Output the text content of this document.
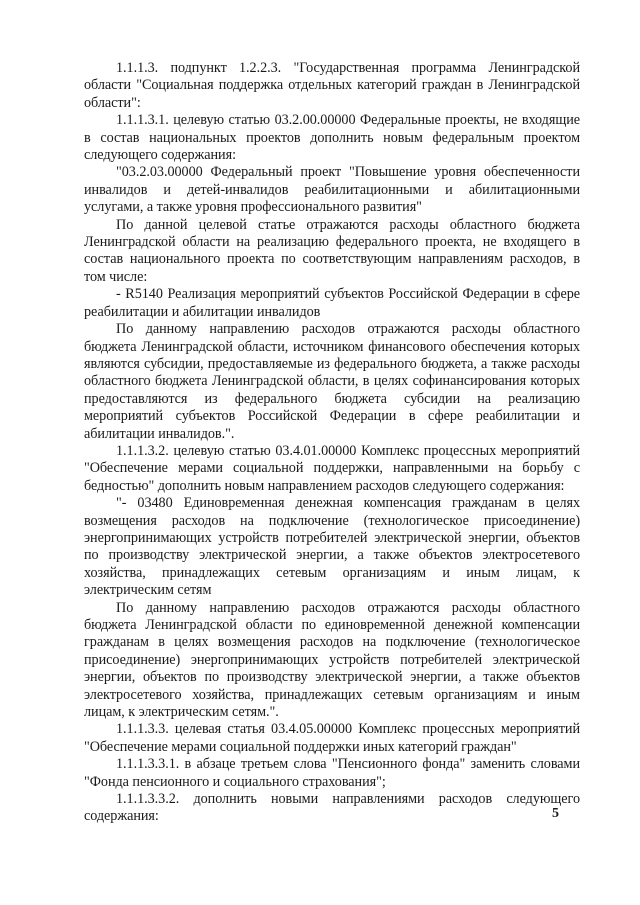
1.1.1.3. подпункт 1.2.2.3. "Государственная программа Ленинградской области "Социальная поддержка отдельных категорий граждан в Ленинградской области":

1.1.1.3.1. целевую статью 03.2.00.00000 Федеральные проекты, не входящие в состав национальных проектов дополнить новым федеральным проектом следующего содержания:

"03.2.03.00000 Федеральный проект "Повышение уровня обеспеченности инвалидов и детей-инвалидов реабилитационными и абилитационными услугами, а также уровня профессионального развития"

По данной целевой статье отражаются расходы областного бюджета Ленинградской области на реализацию федерального проекта, не входящего в состав национального проекта по соответствующим направлениям расходов, в том числе:

- R5140 Реализация мероприятий субъектов Российской Федерации в сфере реабилитации и абилитации инвалидов

По данному направлению расходов отражаются расходы областного бюджета Ленинградской области, источником финансового обеспечения которых являются субсидии, предоставляемые из федерального бюджета, а также расходы областного бюджета Ленинградской области, в целях софинансирования которых предоставляются из федерального бюджета субсидии на реализацию мероприятий субъектов Российской Федерации в сфере реабилитации и абилитации инвалидов.".

1.1.1.3.2. целевую статью 03.4.01.00000 Комплекс процессных мероприятий "Обеспечение мерами социальной поддержки, направленными на борьбу с бедностью" дополнить новым направлением расходов следующего содержания:

"- 03480 Единовременная денежная компенсация гражданам в целях возмещения расходов на подключение (технологическое присоединение) энергопринимающих устройств потребителей электрической энергии, объектов по производству электрической энергии, а также объектов электросетевого хозяйства, принадлежащих сетевым организациям и иным лицам, к электрическим сетям

По данному направлению расходов отражаются расходы областного бюджета Ленинградской области по единовременной денежной компенсации гражданам в целях возмещения расходов на подключение (технологическое присоединение) энергопринимающих устройств потребителей электрической энергии, объектов по производству электрической энергии, а также объектов электросетевого хозяйства, принадлежащих сетевым организациям и иным лицам, к электрическим сетям.".

1.1.1.3.3. целевая статья 03.4.05.00000 Комплекс процессных мероприятий "Обеспечение мерами социальной поддержки иных категорий граждан"

1.1.1.3.3.1. в абзаце третьем слова "Пенсионного фонда" заменить словами "Фонда пенсионного и социального страхования";

1.1.1.3.3.2. дополнить новыми направлениями расходов следующего содержания:	5
